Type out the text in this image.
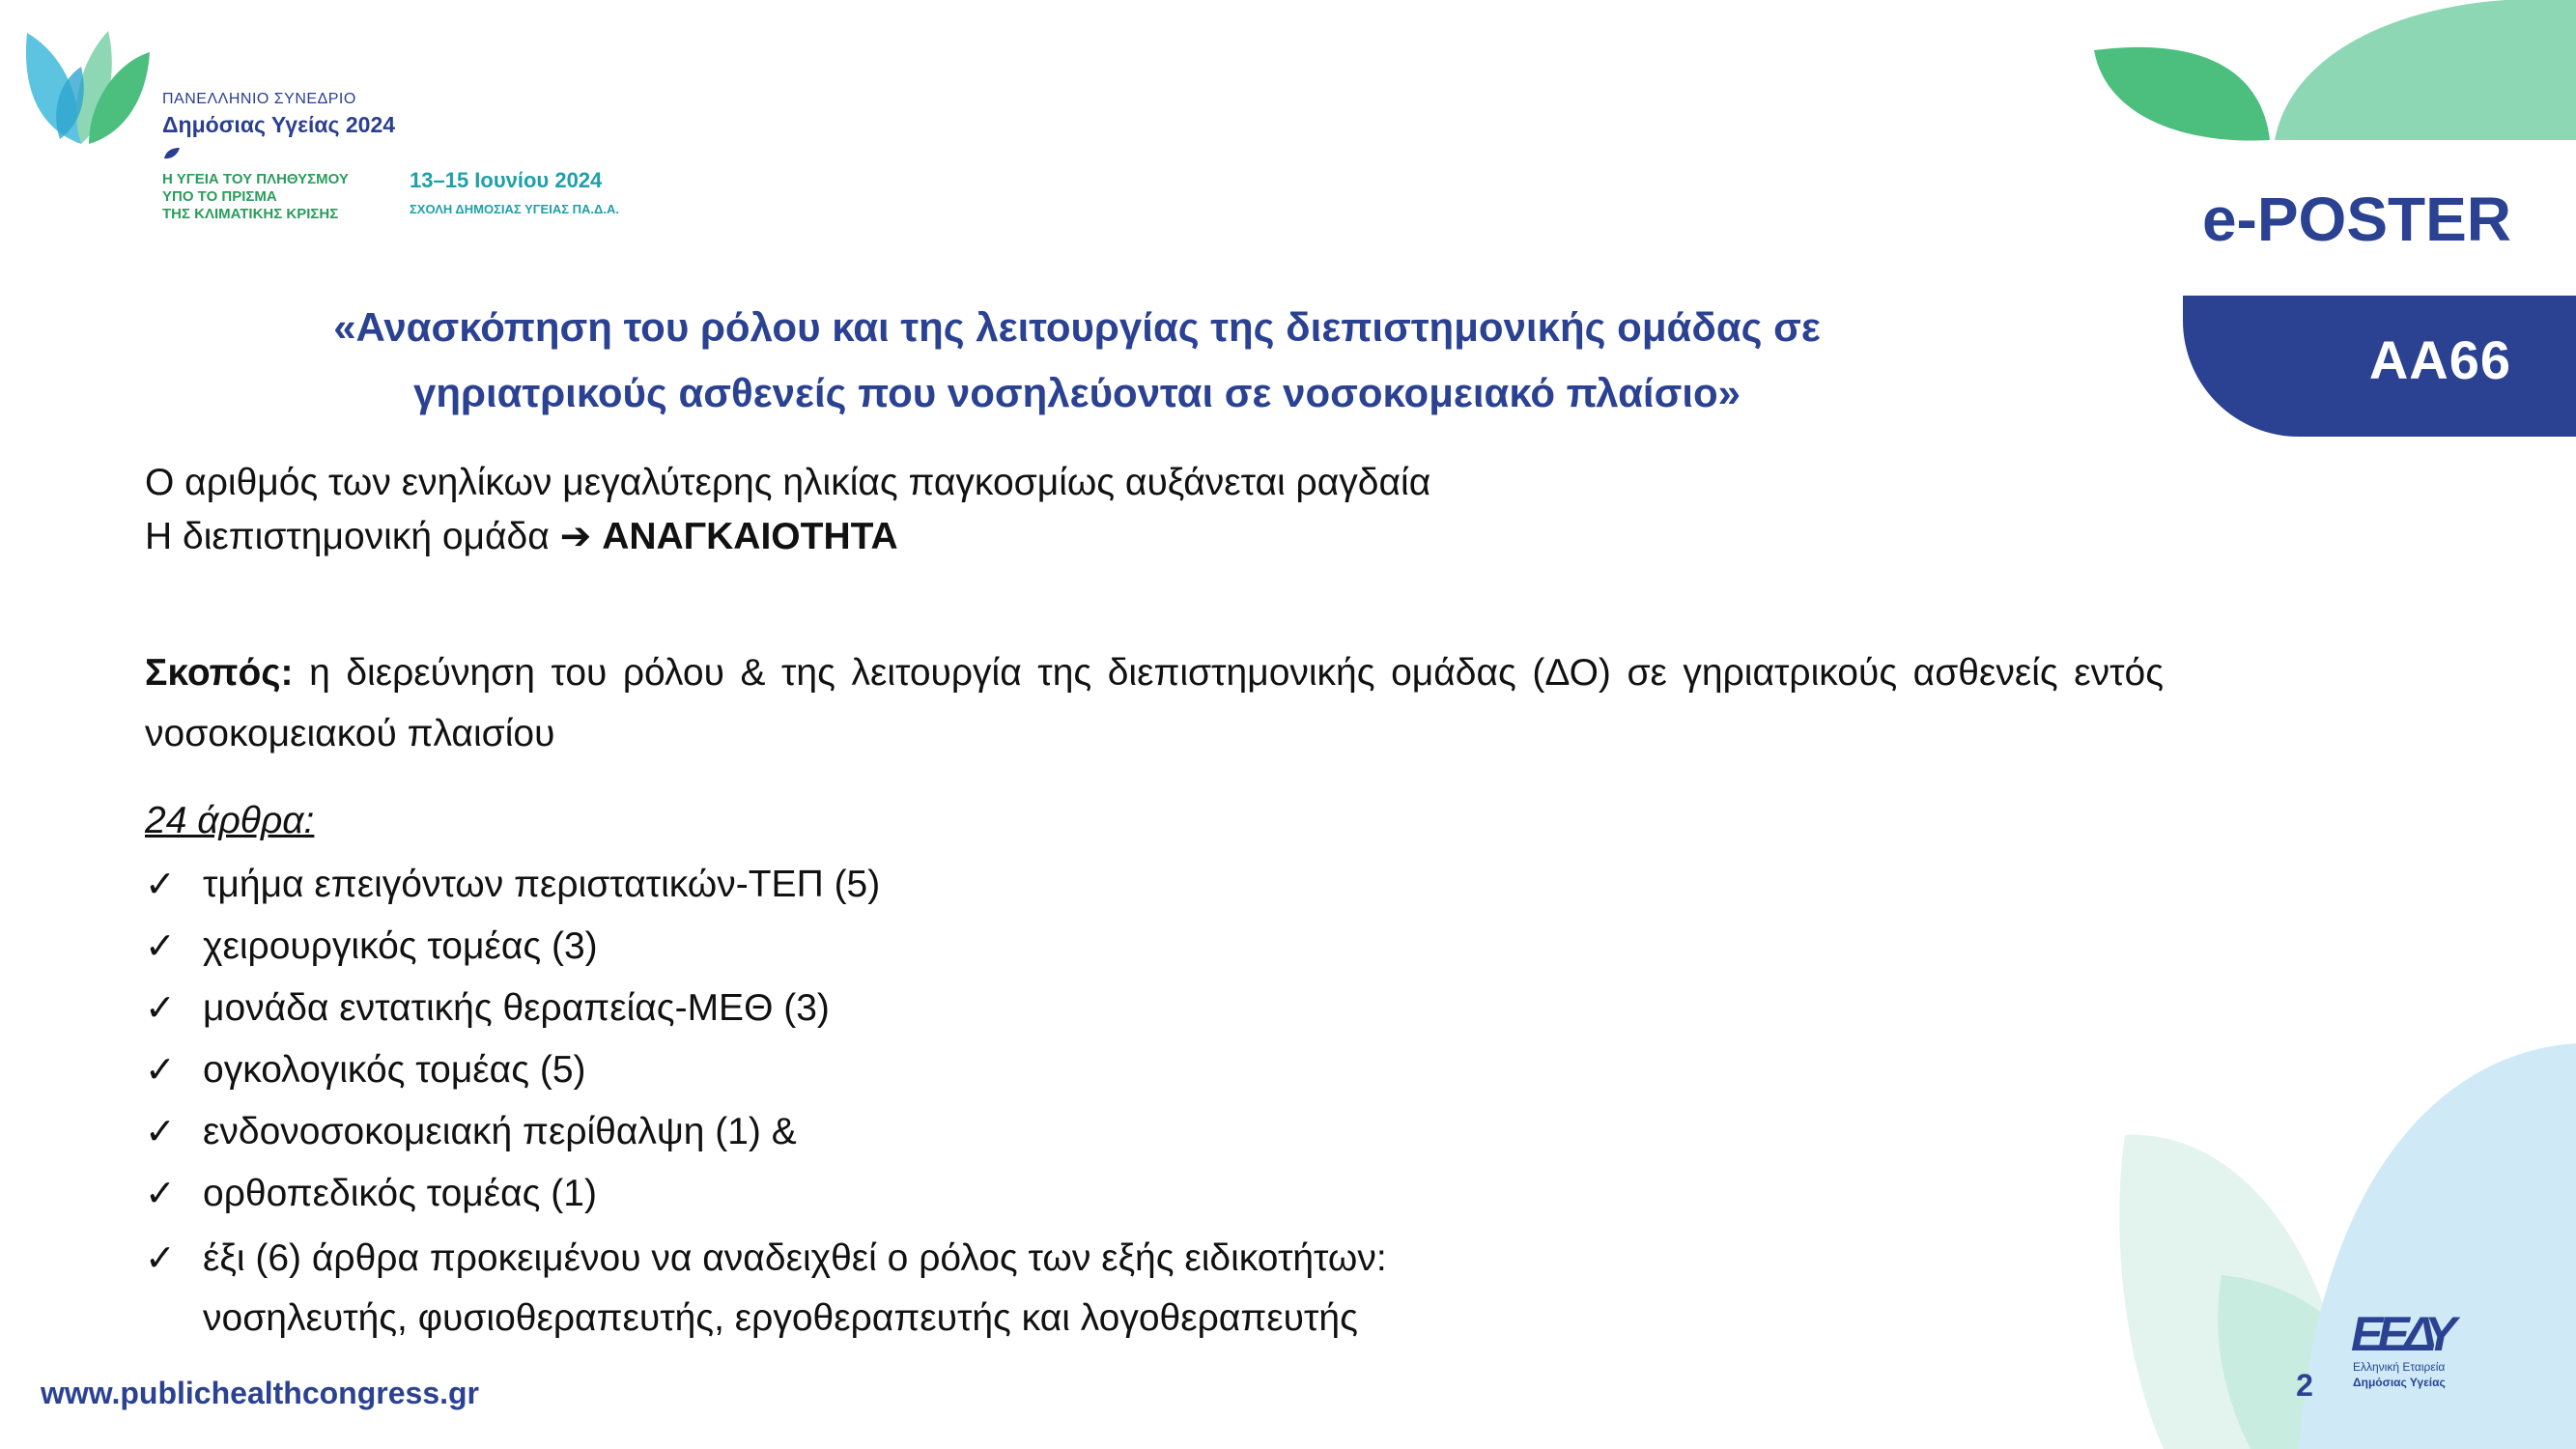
ΠΑΝΕΛΛΗΝΙΟ ΣΥΝΕΔΡΙΟ
Δημόσιας Υγείας 2024
Η ΥΓΕΙΑ ΤΟΥ ΠΛΗΘΥΣΜΟΥ
ΥΠΟ ΤΟ ΠΡΙΣΜΑ
ΤΗΣ ΚΛΙΜΑΤΙΚΗΣ ΚΡΙΣΗΣ
13–15 Ιουνίου 2024
ΣΧΟΛΗ ΔΗΜΟΣΙΑΣ ΥΓΕΙΑΣ ΠΑ.Δ.Α.	e-POSTER
ΑΑ66
«Ανασκόπηση του ρόλου και της λειτουργίας της διεπιστημονικής ομάδας σε
γηριατρικούς ασθενείς που νοσηλεύονται σε νοσοκομειακό πλαίσιο»
Ο αριθμός των ενηλίκων μεγαλύτερης ηλικίας παγκοσμίως αυξάνεται ραγδαία
Η διεπιστημονική ομάδα ➔ ΑΝΑΓΚΑΙΟΤΗΤΑ
Σκοπός: η διερεύνηση του ρόλου & της λειτουργία της διεπιστημονικής ομάδας (ΔΟ) σε γηριατρικούς ασθενείς εντός νοσοκομειακού πλαισίου
24 άρθρα:
✓ τμήμα επειγόντων περιστατικών-ΤΕΠ (5)
✓ χειρουργικός τομέας (3)
✓ μονάδα εντατικής θεραπείας-ΜΕΘ (3)
✓ ογκολογικός τομέας (5)
✓ ενδονοσοκομειακή περίθαλψη (1) &
✓ ορθοπεδικός τομέας (1)
✓ έξι (6) άρθρα προκειμένου να αναδειχθεί ο ρόλος των εξής ειδικοτήτων:
νοσηλευτής, φυσιοθεραπευτής, εργοθεραπευτής και λογοθεραπευτής
www.publichealthcongress.gr	2
ΕΕΔΥ
Ελληνική Εταιρεία
Δημόσιας Υγείας
